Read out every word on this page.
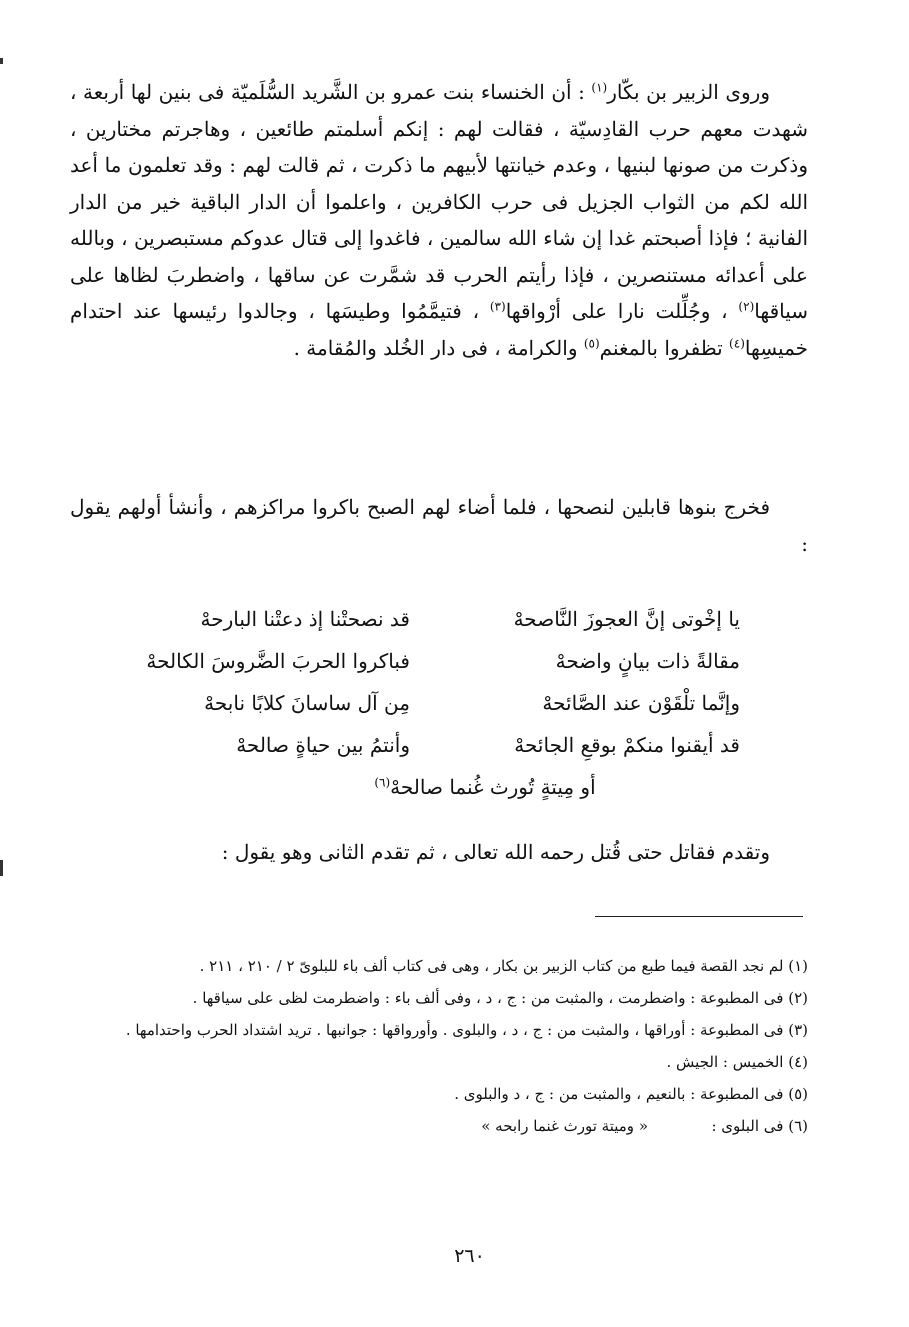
وروى الزبير بن بكّار$^{(١)}$ : أن الخنساء بنت عمرو بن الشَّريد السُّلَميّة فى بنين لها أربعة ، شهدت معهم حرب القادِسيّة ، فقالت لهم : إنكم أسلمتم طائعين ، وهاجرتم مختارين ، وذكرت من صونها لبنيها ، وعدم خيانتها لأبيهم ما ذكرت ، ثم قالت لهم : وقد تعلمون ما أعد الله لكم من الثواب الجزيل فى حرب الكافرين ، واعلموا أن الدار الباقية خير من الدار الفانية ؛ فإذا أصبحتم غدا إن شاء الله سالمين ، فاغدوا إلى قتال عدوكم مستبصرين ، وبالله على أعدائه مستنصرين ، فإذا رأيتم الحرب قد شمَّرت عن ساقها ، واضطربَ لظاها على سياقها$^{(٢)}$ ، وجُلِّلت نارا على أرْواقها$^{(٣)}$ ، فتيمَّمُوا وطيسَها ، وجالدوا رئيسها عند احتدام خميسِها$^{(٤)}$ تظفروا بالمغنم$^{(٥)}$ والكرامة ، فى دار الخُلد والمُقامة .

فخرج بنوها قابلين لنصحها ، فلما أضاء لهم الصبح باكروا مراكزهم ، وأنشأ أولهم يقول :

يا إخْوتى إنَّ العجوزَ النَّاصحهْ
قد نصحتْنا إذ دعتْنا البارحهْ
مقالةً ذات بيانٍ واضحهْ
فباكروا الحربَ الضَّروسَ الكالحهْ
وإنَّما تلْقَوْن عند الصَّائحهْ
مِن آل ساسانَ كلابًا نابحهْ
قد أيقنوا منكمْ بوقعِ الجائحهْ
وأنتمُ بين حياةٍ صالحهْ
أو مِيتةٍ تُورث غُنما صالحهْ$^{(٦)}$

وتقدم فقاتل حتى قُتل رحمه الله تعالى ، ثم تقدم الثانى وهو يقول :

(١) لم نجد القصة فيما طبع من كتاب الزبير بن بكار ، وهى فى كتاب ألف باء للبلوىّ ٢ / ٢١٠ ، ٢١١ .
(٢) فى المطبوعة : واضطرمت ، والمثبت من : ج ، د ، وفى ألف باء : واضطرمت لظى على سياقها .
(٣) فى المطبوعة : أوراقها ، والمثبت من : ج ، د ، والبلوى . وأورواقها : جوانبها . تريد اشتداد الحرب واحتدامها .
(٤) الخميس : الجيش .
(٥) فى المطبوعة : بالنعيم ، والمثبت من : ج ، د والبلوى .
(٦) فى البلوى :
« وميتة تورث غنما رابحه »
٢٦٠
